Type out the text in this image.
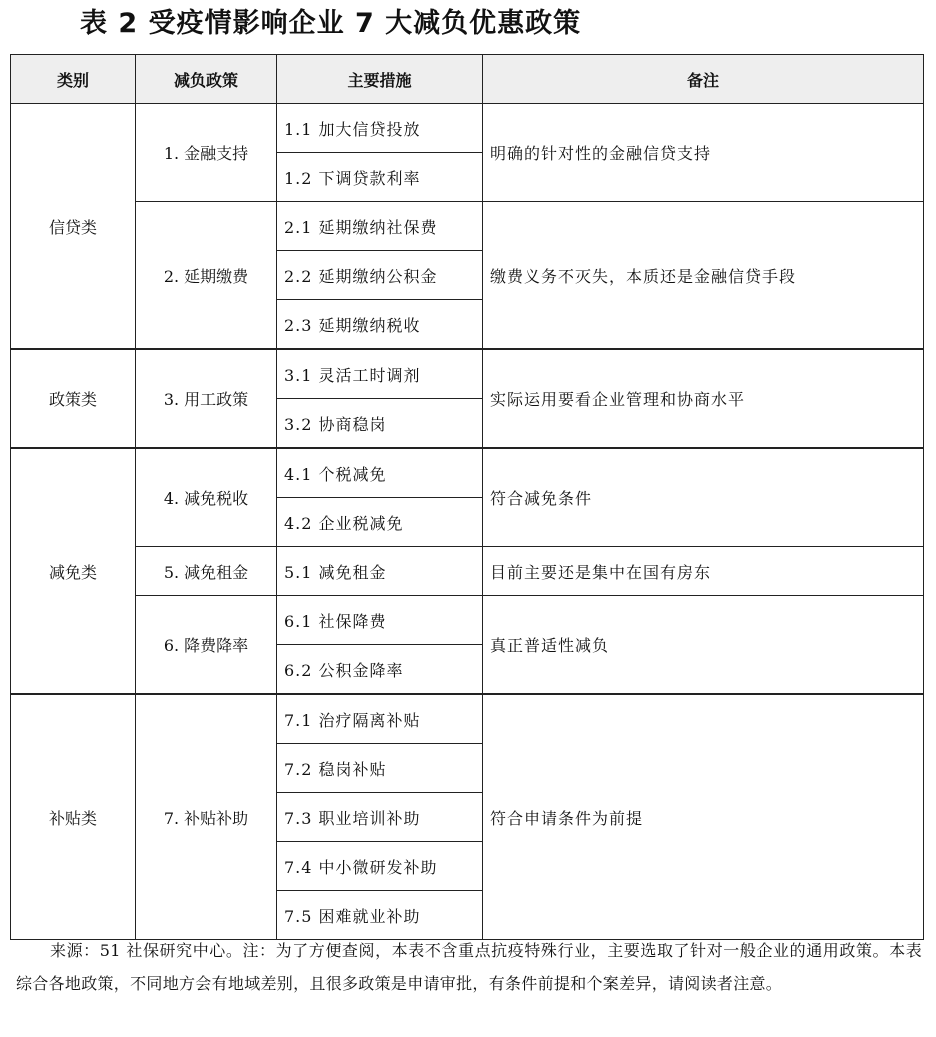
表 2 受疫情影响企业 7 大减负优惠政策
类别	减负政策	主要措施	备注
信贷类	1. 金融支持	1.1 加大信贷投放	明确的针对性的金融信贷支持
		1.2 下调贷款利率	
	2. 延期缴费	2.1 延期缴纳社保费	缴费义务不灭失，本质还是金融信贷手段
		2.2 延期缴纳公积金	
		2.3 延期缴纳税收	
政策类	3. 用工政策	3.1 灵活工时调剂	实际运用要看企业管理和协商水平
		3.2 协商稳岗	
减免类	4. 减免税收	4.1 个税减免	符合减免条件
		4.2 企业税减免	
	5. 减免租金	5.1 减免租金	目前主要还是集中在国有房东
	6. 降费降率	6.1 社保降费	真正普适性减负
		6.2 公积金降率	
补贴类	7. 补贴补助	7.1 治疗隔离补贴	符合申请条件为前提
		7.2 稳岗补贴	
		7.3 职业培训补助	
		7.4 中小微研发补助	
		7.5 困难就业补助	
来源：51 社保研究中心。注：为了方便查阅，本表不含重点抗疫特殊行业，主要选取了针对一般企业的通用政策。本表综合各地政策，不同地方会有地域差别，且很多政策是申请审批，有条件前提和个案差异，请阅读者注意。
